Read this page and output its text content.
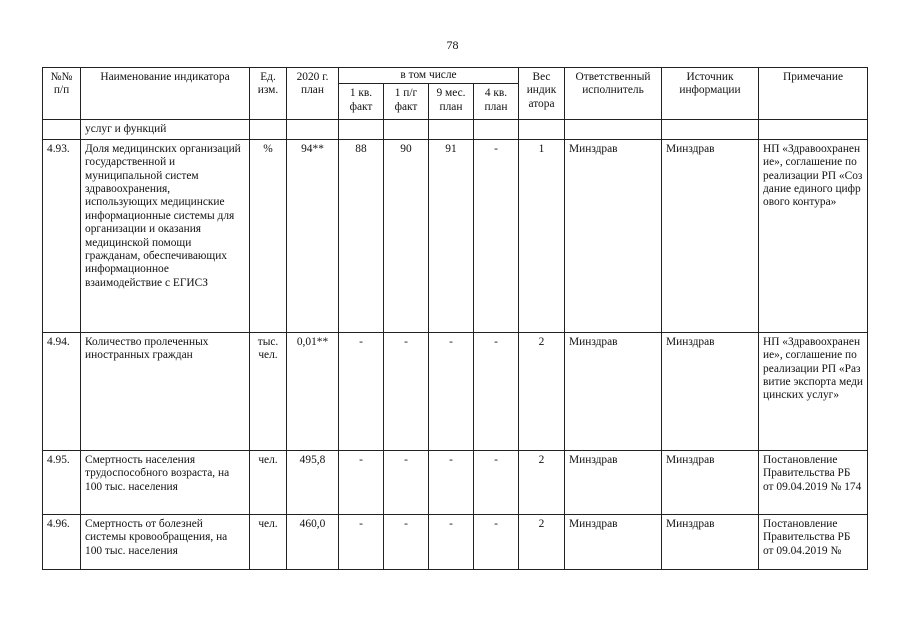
78
№№ п/п	Наименование индикатора	Ед. изм.	2020 г. план	в том числе				Вес индик атора	Ответственный исполнитель	Источник информации	Примечание
				1 кв. факт	1 п/г факт	9 мес. план	4 кв. план				
	услуг и функций										
4.93.	Доля медицинских организаций государственной и муниципальной систем здравоохранения, использующих медицинские информационные системы для организации и оказания медицинской помощи гражданам, обеспечивающих информационное взаимодействие с ЕГИСЗ	%	94**	88	90	91	-	1	Минздрав	Минздрав	НП «Здравоохранение», соглашение по реализации РП «Создание единого цифрового контура»
4.94.	Количество пролеченных иностранных граждан	тыс. чел.	0,01**	-	-	-	-	2	Минздрав	Минздрав	НП «Здравоохранение», соглашение по реализации РП «Развитие экспорта медицинских услуг»
4.95.	Смертность населения трудоспособного возраста, на 100 тыс. населения	чел.	495,8	-	-	-	-	2	Минздрав	Минздрав	Постановление Правительства РБ от 09.04.2019 № 174
4.96.	Смертность от болезней системы кровообращения, на 100 тыс. населения	чел.	460,0	-	-	-	-	2	Минздрав	Минздрав	Постановление Правительства РБ от 09.04.2019 №
